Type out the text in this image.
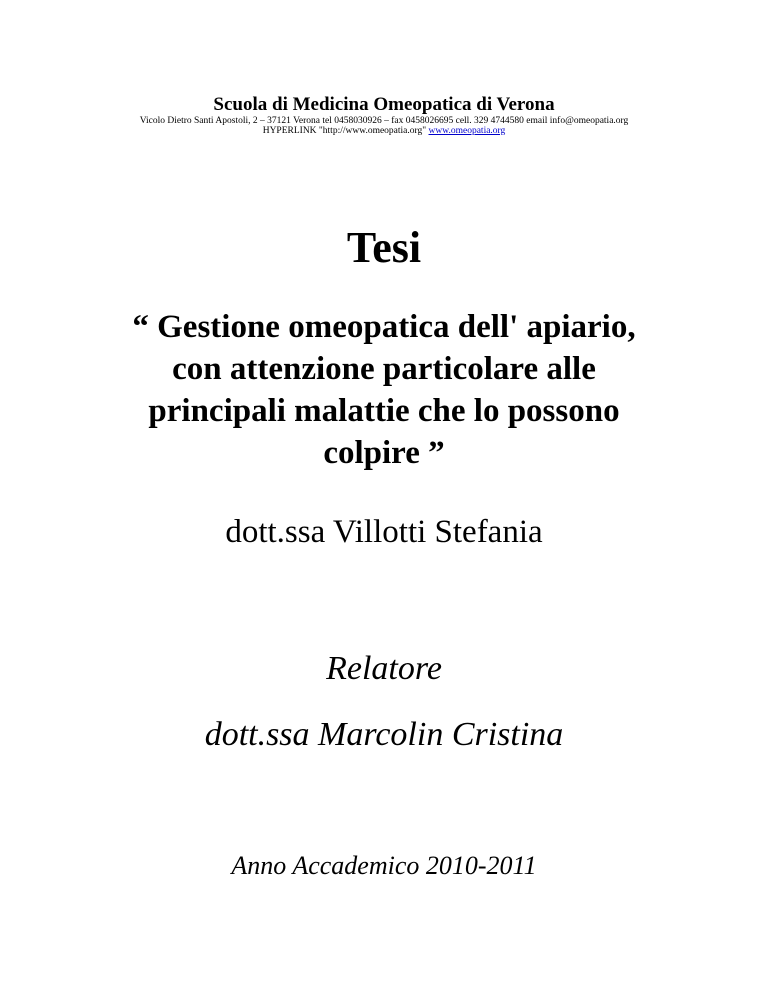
Scuola di Medicina Omeopatica di Verona
Vicolo Dietro Santi Apostoli, 2 – 37121 Verona tel 0458030926 – fax 0458026695 cell. 329 4744580 email info@omeopatia.org
HYPERLINK "http://www.omeopatia.org" www.omeopatia.org
Tesi
“ Gestione omeopatica dell' apiario, con attenzione particolare alle principali malattie che lo possono colpire ”
dott.ssa Villotti Stefania
Relatore
dott.ssa Marcolin Cristina
Anno Accademico 2010-2011
